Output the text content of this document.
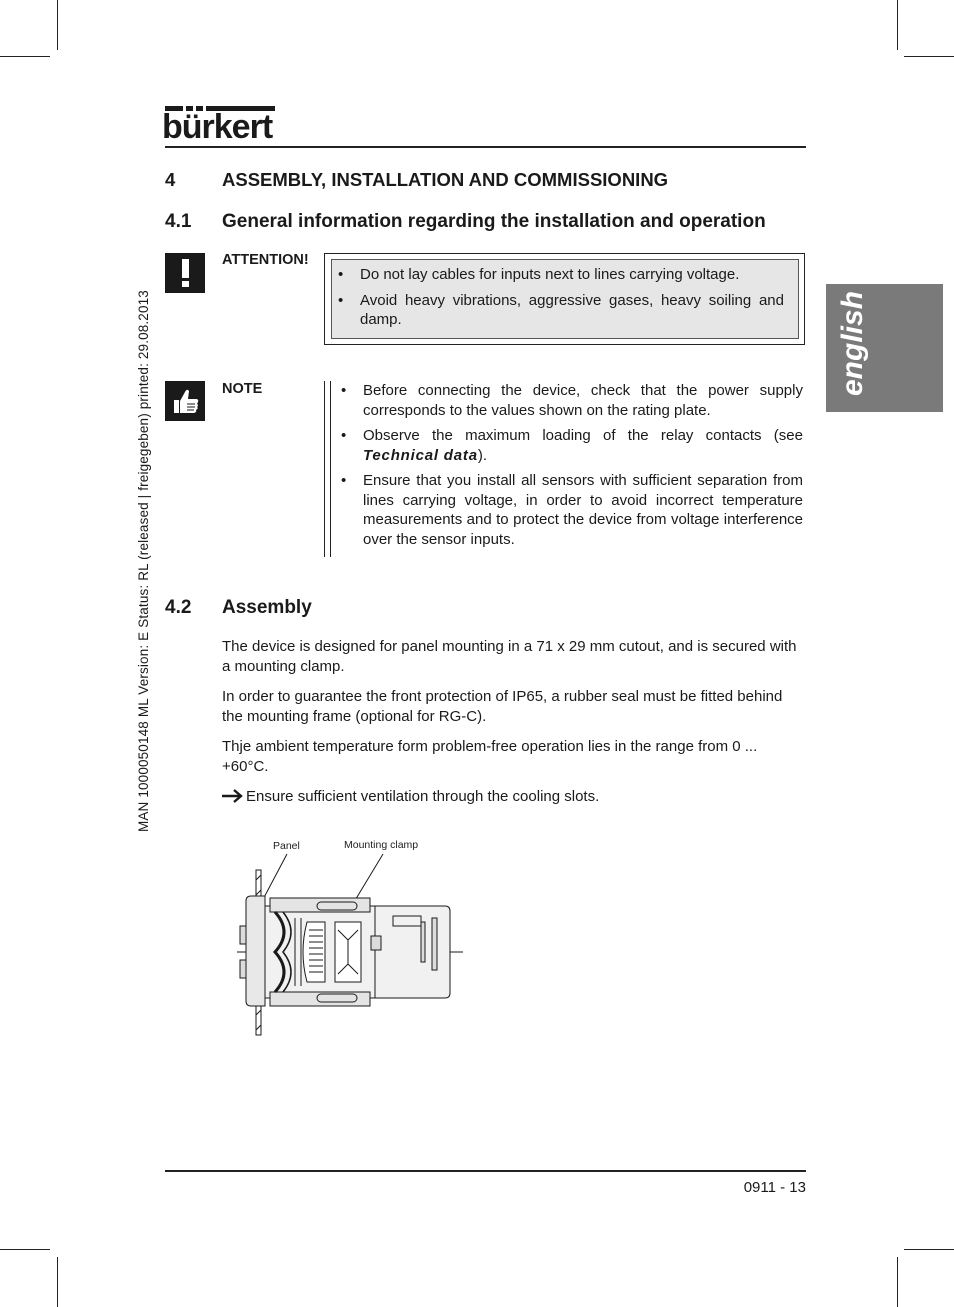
bürkert
MAN 1000050148 ML Version: E Status: RL (released | freigegeben) printed: 29.08.2013	english
4	ASSEMBLY, INSTALLATION AND COMMISSIONING
4.1 General information regarding the installation and operation
ATTENTION!
• Do not lay cables for inputs next to lines carrying voltage.
• Avoid heavy vibrations, aggressive gases, heavy soiling and damp.
NOTE
•	Before connecting the device, check that the power supply corresponds to the values shown on the rating plate.
• Observe the maximum loading of the relay contacts (see Technical data).
• Ensure that you install all sensors with sufficient separation from lines carrying voltage, in order to avoid incorrect temperature measurements and to protect the device from voltage interference over the sensor inputs.
4.2 Assembly

The device is designed for panel mounting in a 71 x 29 mm cutout, and is secured with a mounting clamp.

In order to guarantee the front protection of IP65, a rubber seal must be fitted behind the mounting frame (optional for RG-C).

Thje ambient temperature form problem-free operation lies in the range from 0 ... +60°C.

Ensure sufficient ventilation through the cooling slots.

Panel	Mounting clamp
0911 - 13
